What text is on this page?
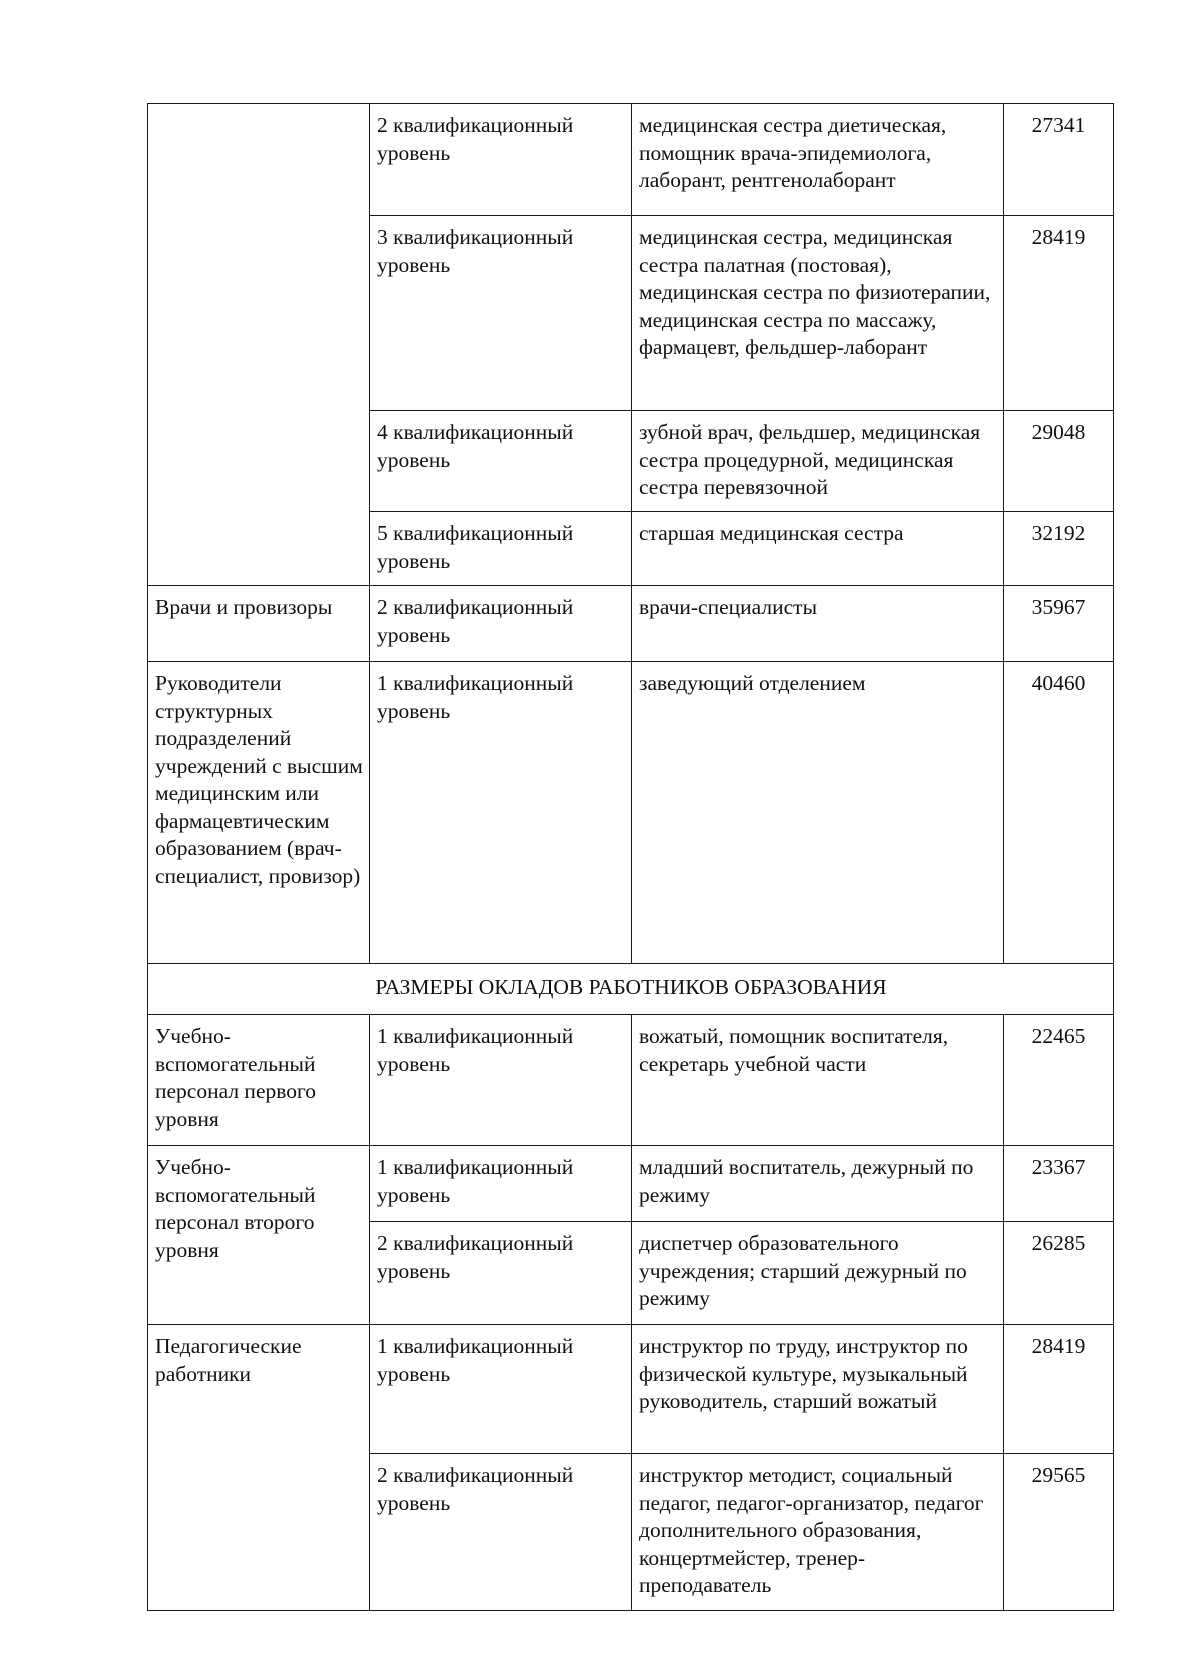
	2 квалификационный уровень	медицинская сестра диетическая, помощник врача-эпидемиолога, лаборант, рентгенолаборант	27341
	3 квалификационный уровень	медицинская сестра, медицинская сестра палатная (постовая), медицинская сестра по физиотерапии, медицинская сестра по массажу, фармацевт, фельдшер-лаборант	28419
	4 квалификационный уровень	зубной врач, фельдшер, медицинская сестра процедурной, медицинская сестра перевязочной	29048
	5 квалификационный уровень	старшая медицинская сестра	32192
Врачи и провизоры	2 квалификационный уровень	врачи-специалисты	35967
Руководители структурных подразделений учреждений с высшим медицинским или фармацевтическим образованием (врач-специалист, провизор)	1 квалификационный уровень	заведующий отделением	40460
РАЗМЕРЫ ОКЛАДОВ РАБОТНИКОВ ОБРАЗОВАНИЯ			
Учебно-вспомогательный персонал первого уровня	1 квалификационный уровень	вожатый, помощник воспитателя, секретарь учебной части	22465
Учебно-вспомогательный персонал второго уровня	1 квалификационный уровень	младший воспитатель, дежурный по режиму	23367
	2 квалификационный уровень	диспетчер образовательного учреждения; старший дежурный по режиму	26285
Педагогические работники	1 квалификационный уровень	инструктор по труду, инструктор по физической культуре, музыкальный руководитель, старший вожатый	28419
	2 квалификационный уровень	инструктор методист, социальный педагог, педагог-организатор, педагог дополнительного образования, концертмейстер, тренер-преподаватель	29565
